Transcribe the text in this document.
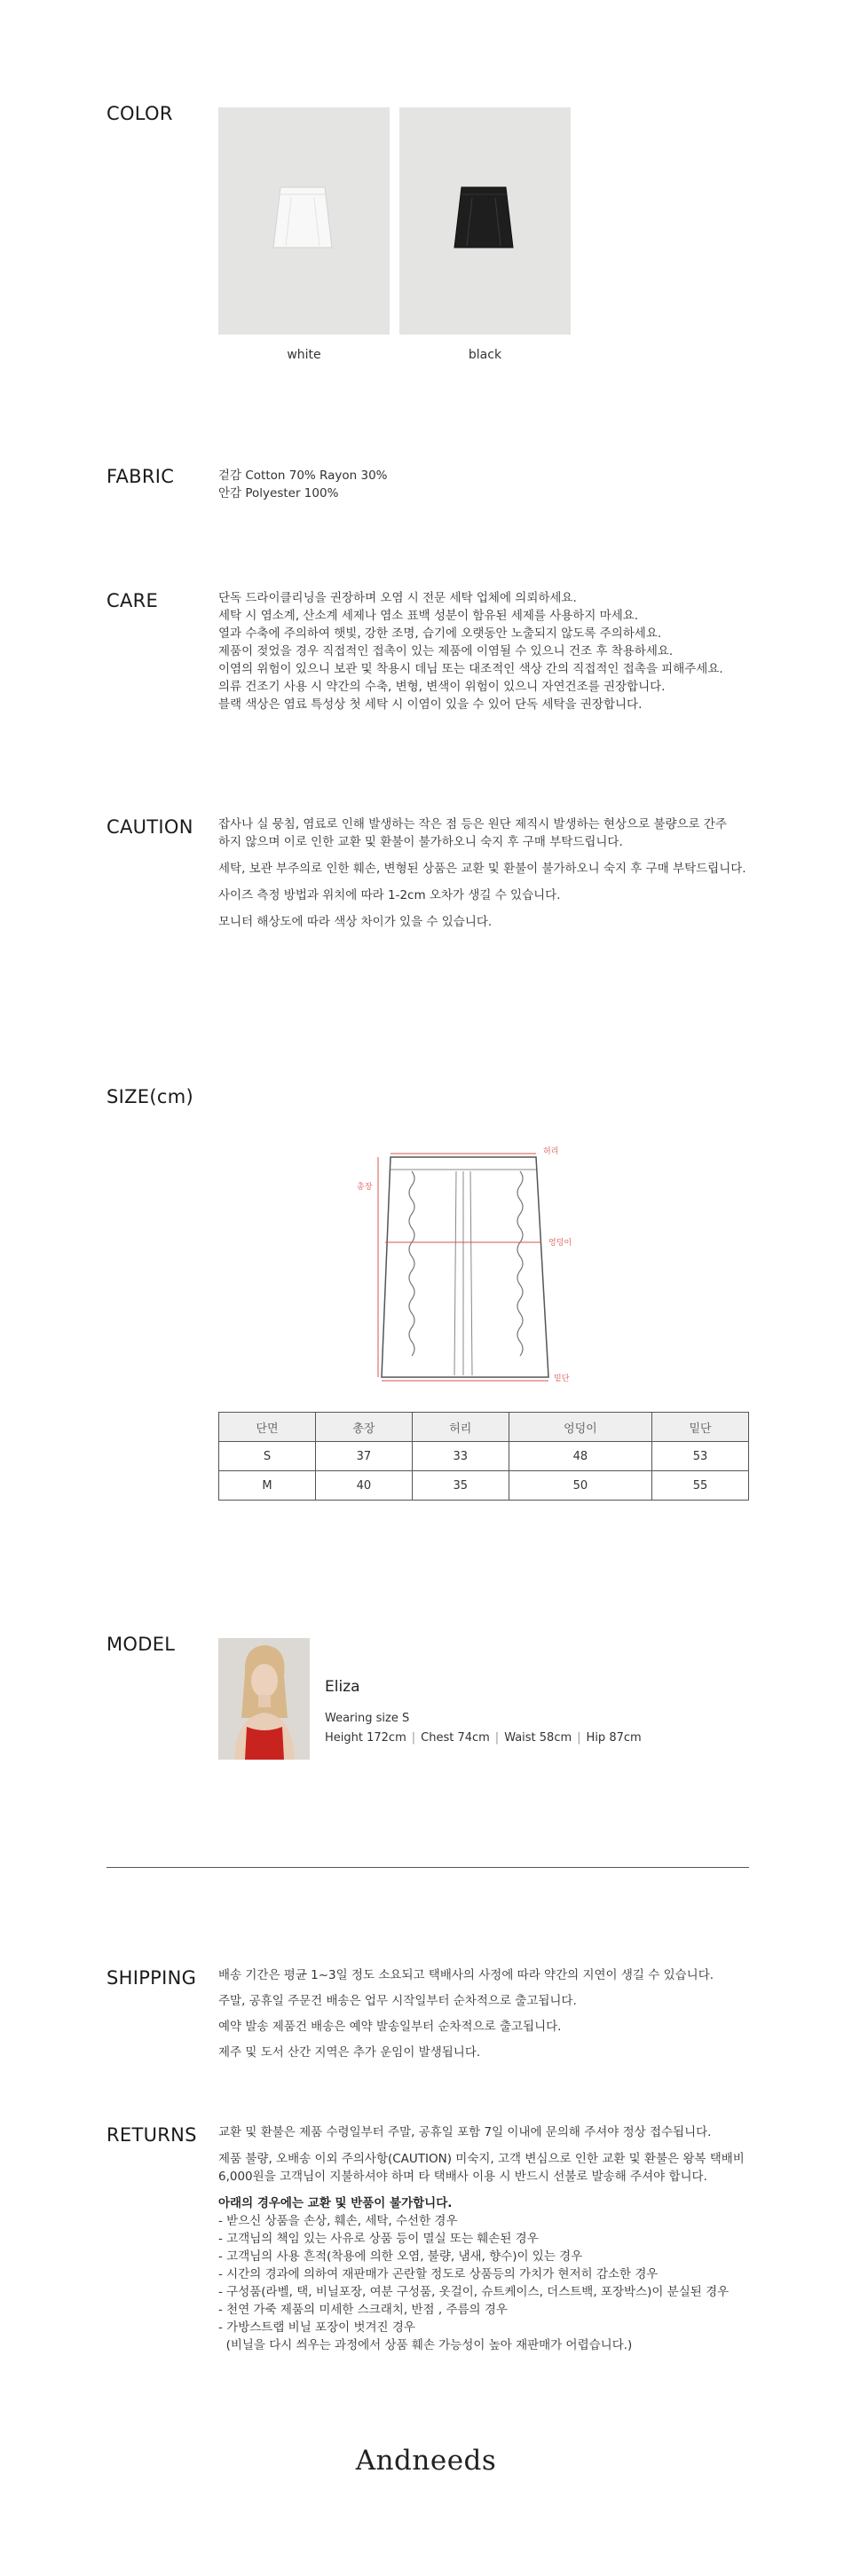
COLOR
white	black
FABRIC	겉감 Cotton 70% Rayon 30%
안감 Polyester 100%
CARE	단독 드라이클리닝을 권장하며 오염 시 전문 세탁 업체에 의뢰하세요.
세탁 시 염소계, 산소계 세제나 염소 표백 성분이 함유된 세제를 사용하지 마세요.
열과 수축에 주의하여 햇빛, 강한 조명, 습기에 오랫동안 노출되지 않도록 주의하세요.
제품이 젖었을 경우 직접적인 접촉이 있는 제품에 이염될 수 있으니 건조 후 착용하세요.
이염의 위험이 있으니 보관 및 착용시 데님 또는 대조적인 색상 간의 직접적인 접촉을 피해주세요.
의류 건조기 사용 시 약간의 수축, 변형, 변색이 위험이 있으니 자연건조를 권장합니다.
블랙 색상은 염료 특성상 첫 세탁 시 이염이 있을 수 있어 단독 세탁을 권장합니다.
CAUTION 잡사나 실 뭉침, 염료로 인해 발생하는 작은 점 등은 원단 제직시 발생하는 현상으로 불량으로 간주
하지 않으며 이로 인한 교환 및 환불이 불가하오니 숙지 후 구매 부탁드립니다.

세탁, 보관 부주의로 인한 훼손, 변형된 상품은 교환 및 환불이 불가하오니 숙지 후 구매 부탁드립니다.

사이즈 측정 방법과 위치에 따라 1-2cm 오차가 생길 수 있습니다.

모니터 해상도에 따라 색상 차이가 있을 수 있습니다.

SIZE(cm)
허리
총장
엉덩이
밑단
단면	총장	허리	엉덩이	밑단
S	37	33	48	53
M	40	35	50	55
MODEL
Eliza
Wearing size S
Height 172cm | Chest 74cm | Waist 58cm | Hip 87cm
SHIPPING 배송 기간은 평균 1~3일 정도 소요되고 택배사의 사정에 따라 약간의 지연이 생길 수 있습니다.

주말, 공휴일 주문건 배송은 업무 시작일부터 순차적으로 출고됩니다.

예약 발송 제품건 배송은 예약 발송일부터 순차적으로 출고됩니다.

제주 및 도서 산간 지역은 추가 운임이 발생됩니다.

RETURNS 교환 및 환불은 제품 수령일부터 주말, 공휴일 포함 7일 이내에 문의해 주셔야 정상 접수됩니다.

제품 불량, 오배송 이외 주의사항(CAUTION) 미숙지, 고객 변심으로 인한 교환 및 환불은 왕복 택배비
6,000원을 고객님이 지불하셔야 하며 타 택배사 이용 시 반드시 선불로 발송해 주셔야 합니다.

아래의 경우에는 교환 및 반품이 불가합니다.
- 받으신 상품을 손상, 훼손, 세탁, 수선한 경우
- 고객님의 책임 있는 사유로 상품 등이 멸실 또는 훼손된 경우
- 고객님의 사용 흔적(착용에 의한 오염, 불량, 냄새, 향수)이 있는 경우
- 시간의 경과에 의하여 재판매가 곤란할 정도로 상품등의 가치가 현저히 감소한 경우
- 구성품(라벨, 택, 비닐포장, 여분 구성품, 옷걸이, 슈트케이스, 더스트백, 포장박스)이 분실된 경우
- 천연 가죽 제품의 미세한 스크래치, 반점 , 주름의 경우
- 가방스트랩 비닐 포장이 벗겨진 경우
(비닐을 다시 씌우는 과정에서 상품 훼손 가능성이 높아 재판매가 어렵습니다.)
Andneeds
